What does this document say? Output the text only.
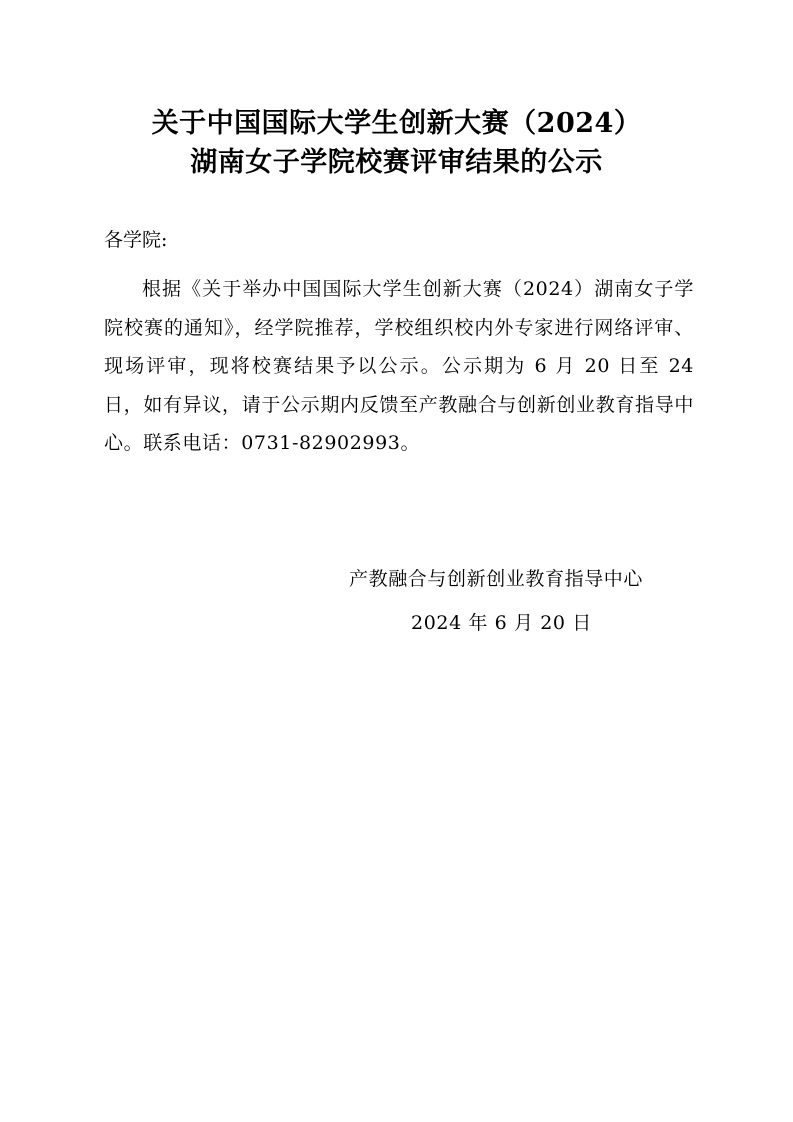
关于中国国际大学生创新大赛（2024）
湖南女子学院校赛评审结果的公示
各学院:

根据《关于举办中国国际大学生创新大赛（2024）湖南女子学院校赛的通知》，经学院推荐，学校组织校内外专家进行网络评审、现场评审，现将校赛结果予以公示。公示期为 6 月 20 日至 24 日，如有异议，请于公示期内反馈至产教融合与创新创业教育指导中心。联系电话：0731-82902993。

产教融合与创新创业教育指导中心
2024 年 6 月 20 日
